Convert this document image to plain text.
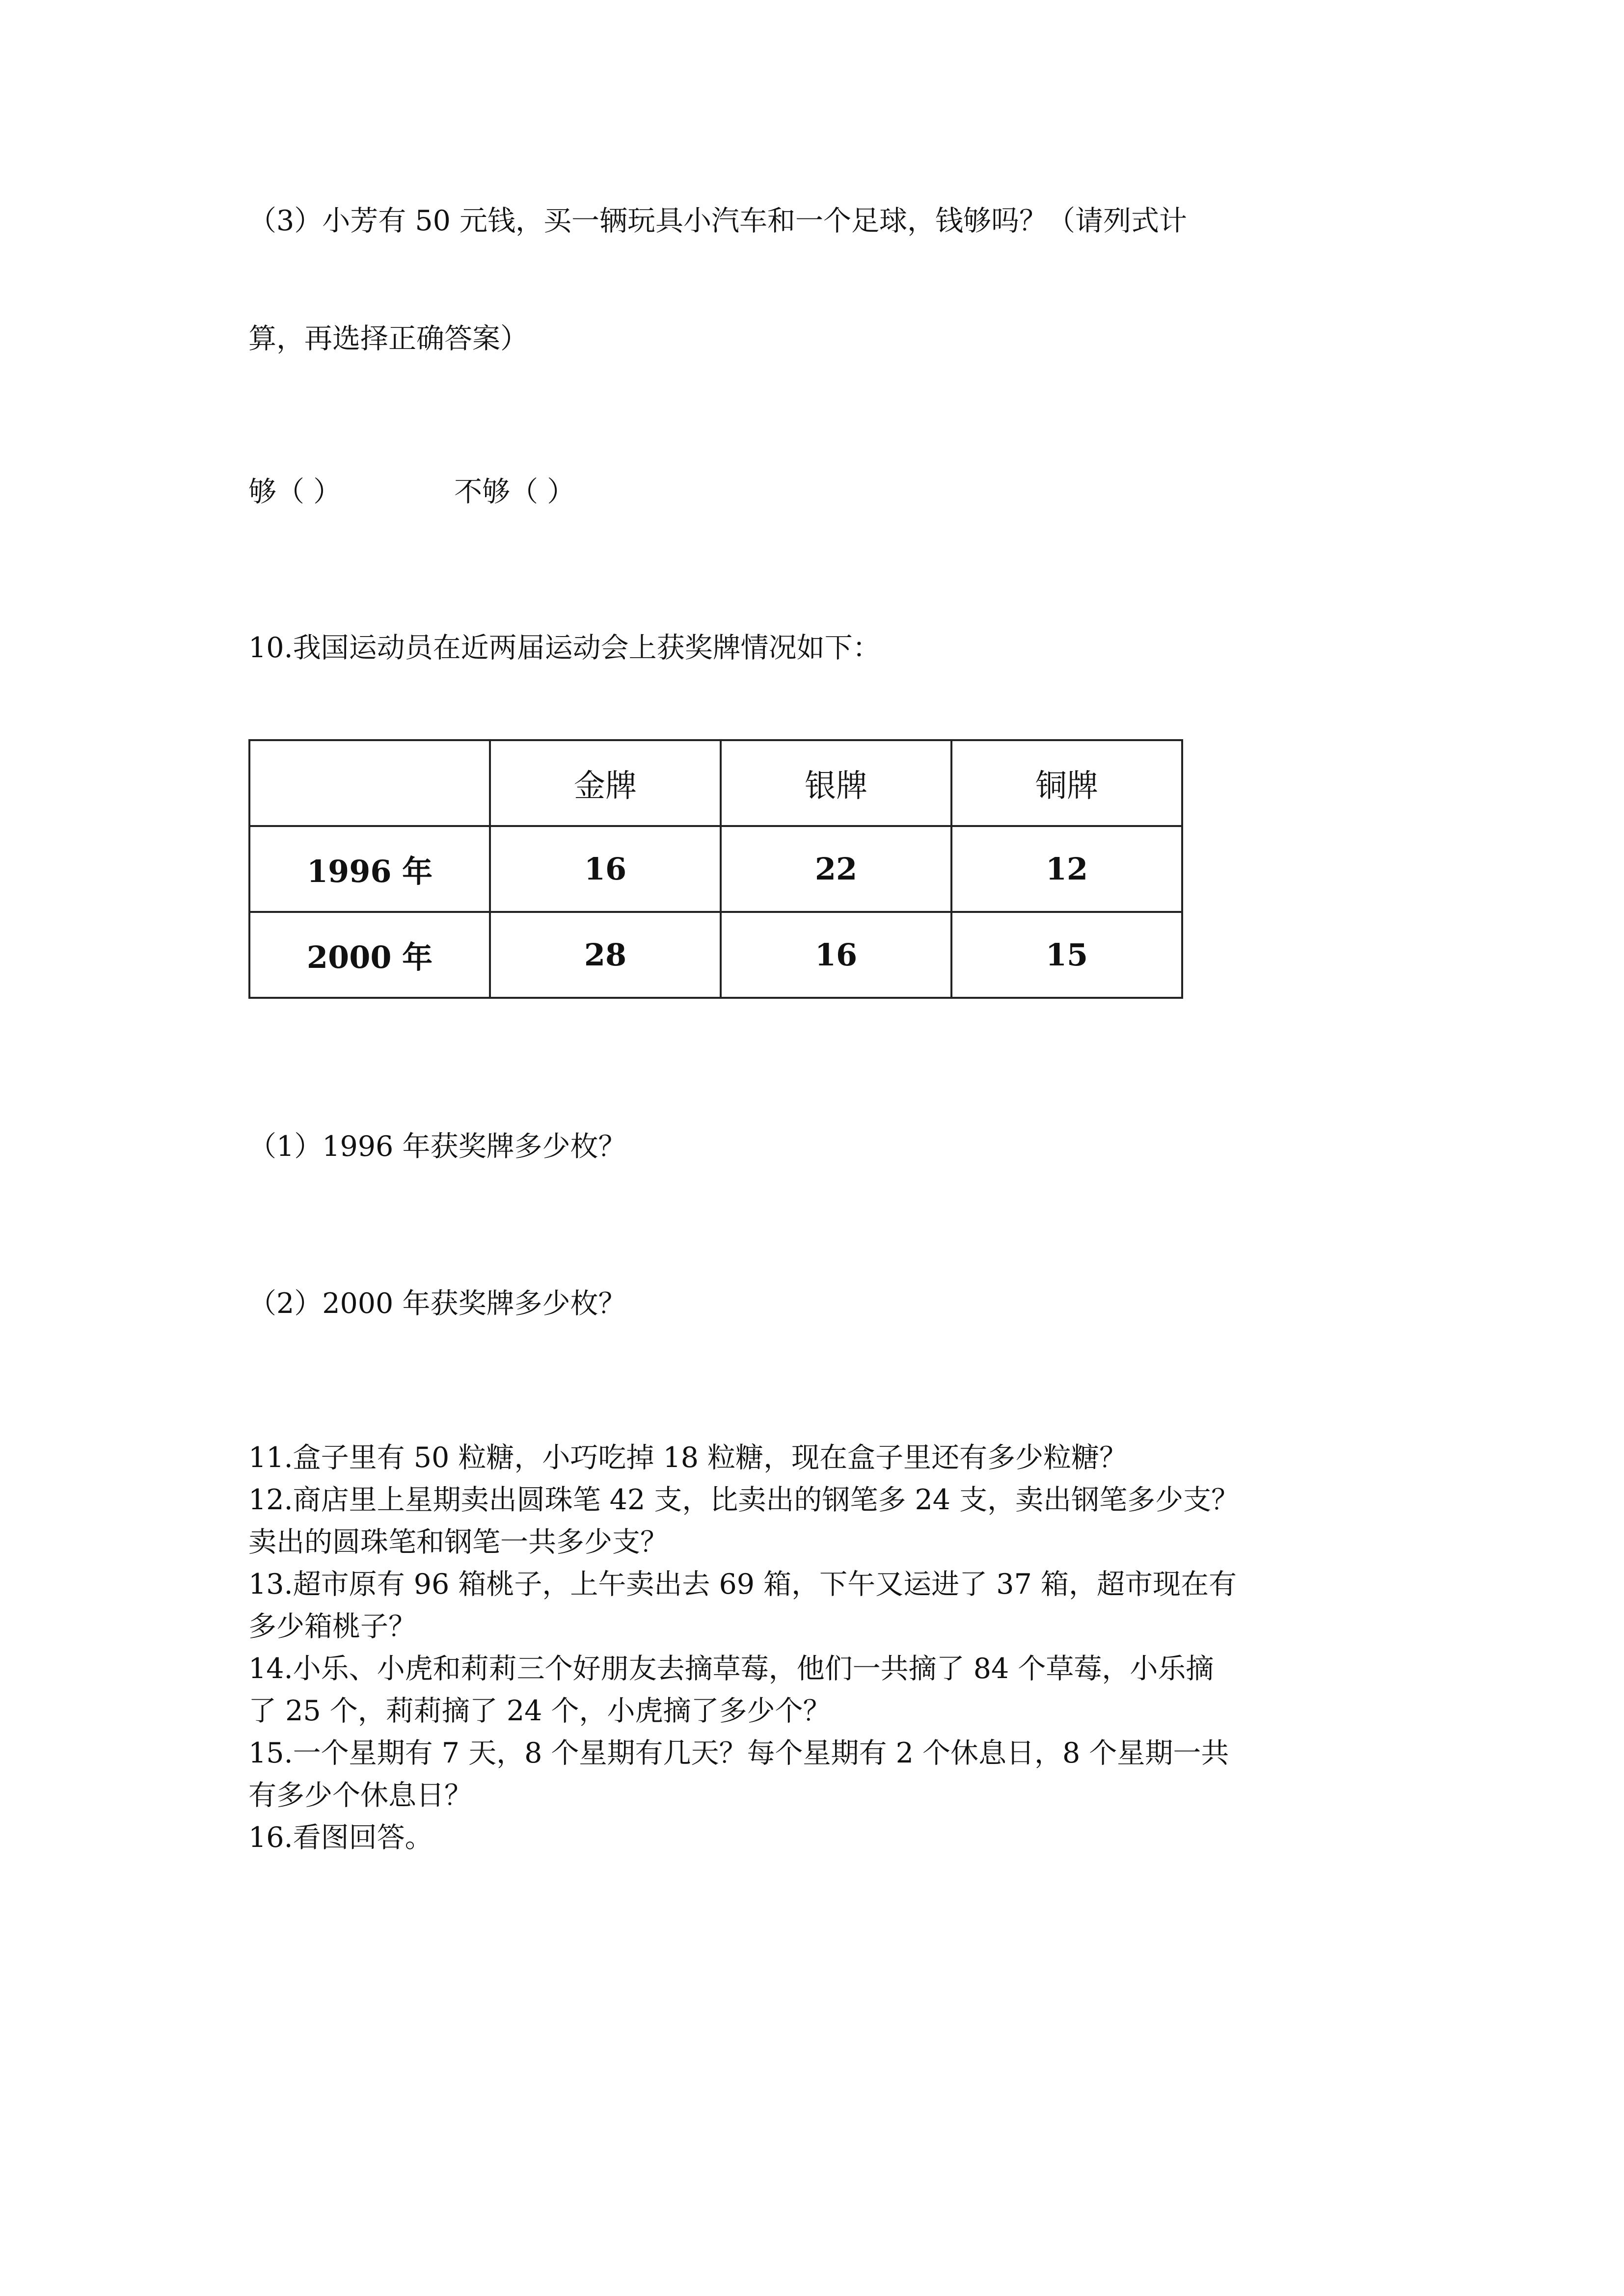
（3）小芳有 50 元钱，买一辆玩具小汽车和一个足球，钱够吗？（请列式计
算，再选择正确答案）
够（ ）	不够（ ）
10.我国运动员在近两届运动会上获奖牌情况如下：
	金牌	银牌	铜牌
1996 年	16	22	12
2000 年	28	16	15
（1）1996 年获奖牌多少枚？
（2）2000 年获奖牌多少枚？
11.盒子里有 50 粒糖，小巧吃掉 18 粒糖，现在盒子里还有多少粒糖？
12.商店里上星期卖出圆珠笔 42 支，比卖出的钢笔多 24 支，卖出钢笔多少支？
卖出的圆珠笔和钢笔一共多少支？
13.超市原有 96 箱桃子，上午卖出去 69 箱，下午又运进了 37 箱，超市现在有
多少箱桃子？
14.小乐、小虎和莉莉三个好朋友去摘草莓，他们一共摘了 84 个草莓，小乐摘
了 25 个，莉莉摘了 24 个，小虎摘了多少个？
15.一个星期有 7 天，8 个星期有几天？每个星期有 2 个休息日，8 个星期一共
有多少个休息日？
16.看图回答。
